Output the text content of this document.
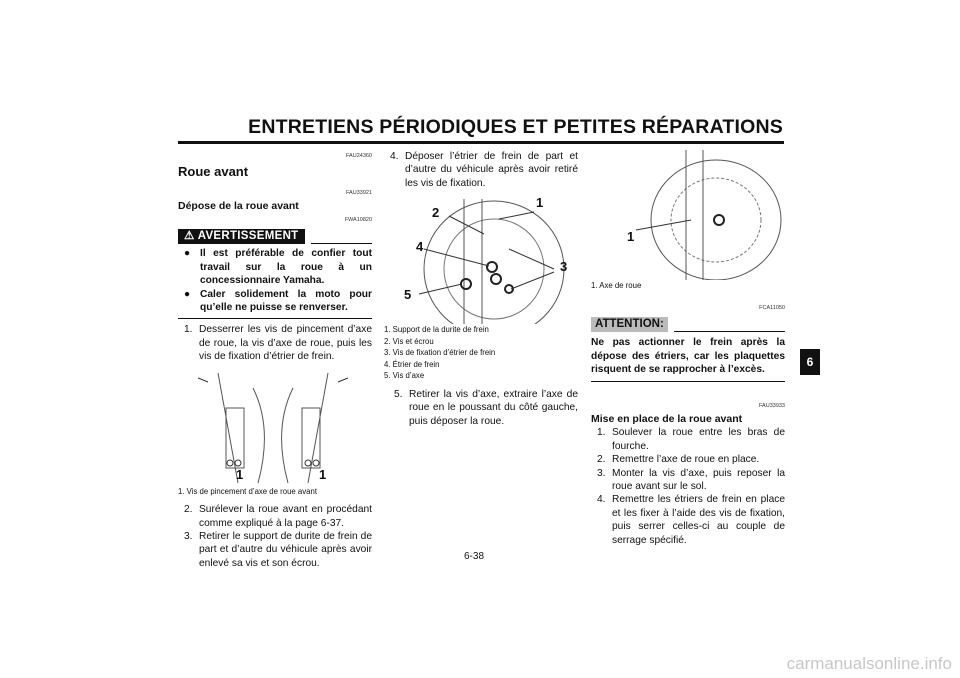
ENTRETIENS PÉRIODIQUES ET PETITES RÉPARATIONS
FAU24360
Roue avant
FAU33921
Dépose de la roue avant
FWA10820
⚠ AVERTISSEMENT
● Il est préférable de confier tout travail sur la roue à un concessionnaire Yamaha.
● Caler solidement la moto pour qu’elle ne puisse se renverser.
1. Desserrer les vis de pincement d’axe de roue, la vis d’axe de roue, puis les vis de fixation d’étrier de frein.
1	1
1. Vis de pincement d’axe de roue avant
2. Surélever la roue avant en procédant comme expliqué à la page 6-37.
3. Retirer le support de durite de frein de part et d’autre du véhicule après avoir enlevé sa vis et son écrou.
4. Déposer l’étrier de frein de part et d’autre du véhicule après avoir retiré les vis de fixation.
1
2
3
4
5
1. Support de la durite de frein
2. Vis et écrou
3. Vis de fixation d’étrier de frein
4. Étrier de frein
5. Vis d’axe
5. Retirer la vis d’axe, extraire l’axe de roue en le poussant du côté gauche, puis déposer la roue.
1
1. Axe de roue
FCA11050
ATTENTION:
Ne pas actionner le frein après la dépose des étriers, car les plaquettes risquent de se rapprocher à l’excès.
FAU33933
Mise en place de la roue avant
1. Soulever la roue entre les bras de fourche.
2. Remettre l’axe de roue en place.
3. Monter la vis d’axe, puis reposer la roue avant sur le sol.
4. Remettre les étriers de frein en place et les fixer à l’aide des vis de fixation, puis serrer celles-ci au couple de serrage spécifié.
6
6-38
carmanualsonline.info
